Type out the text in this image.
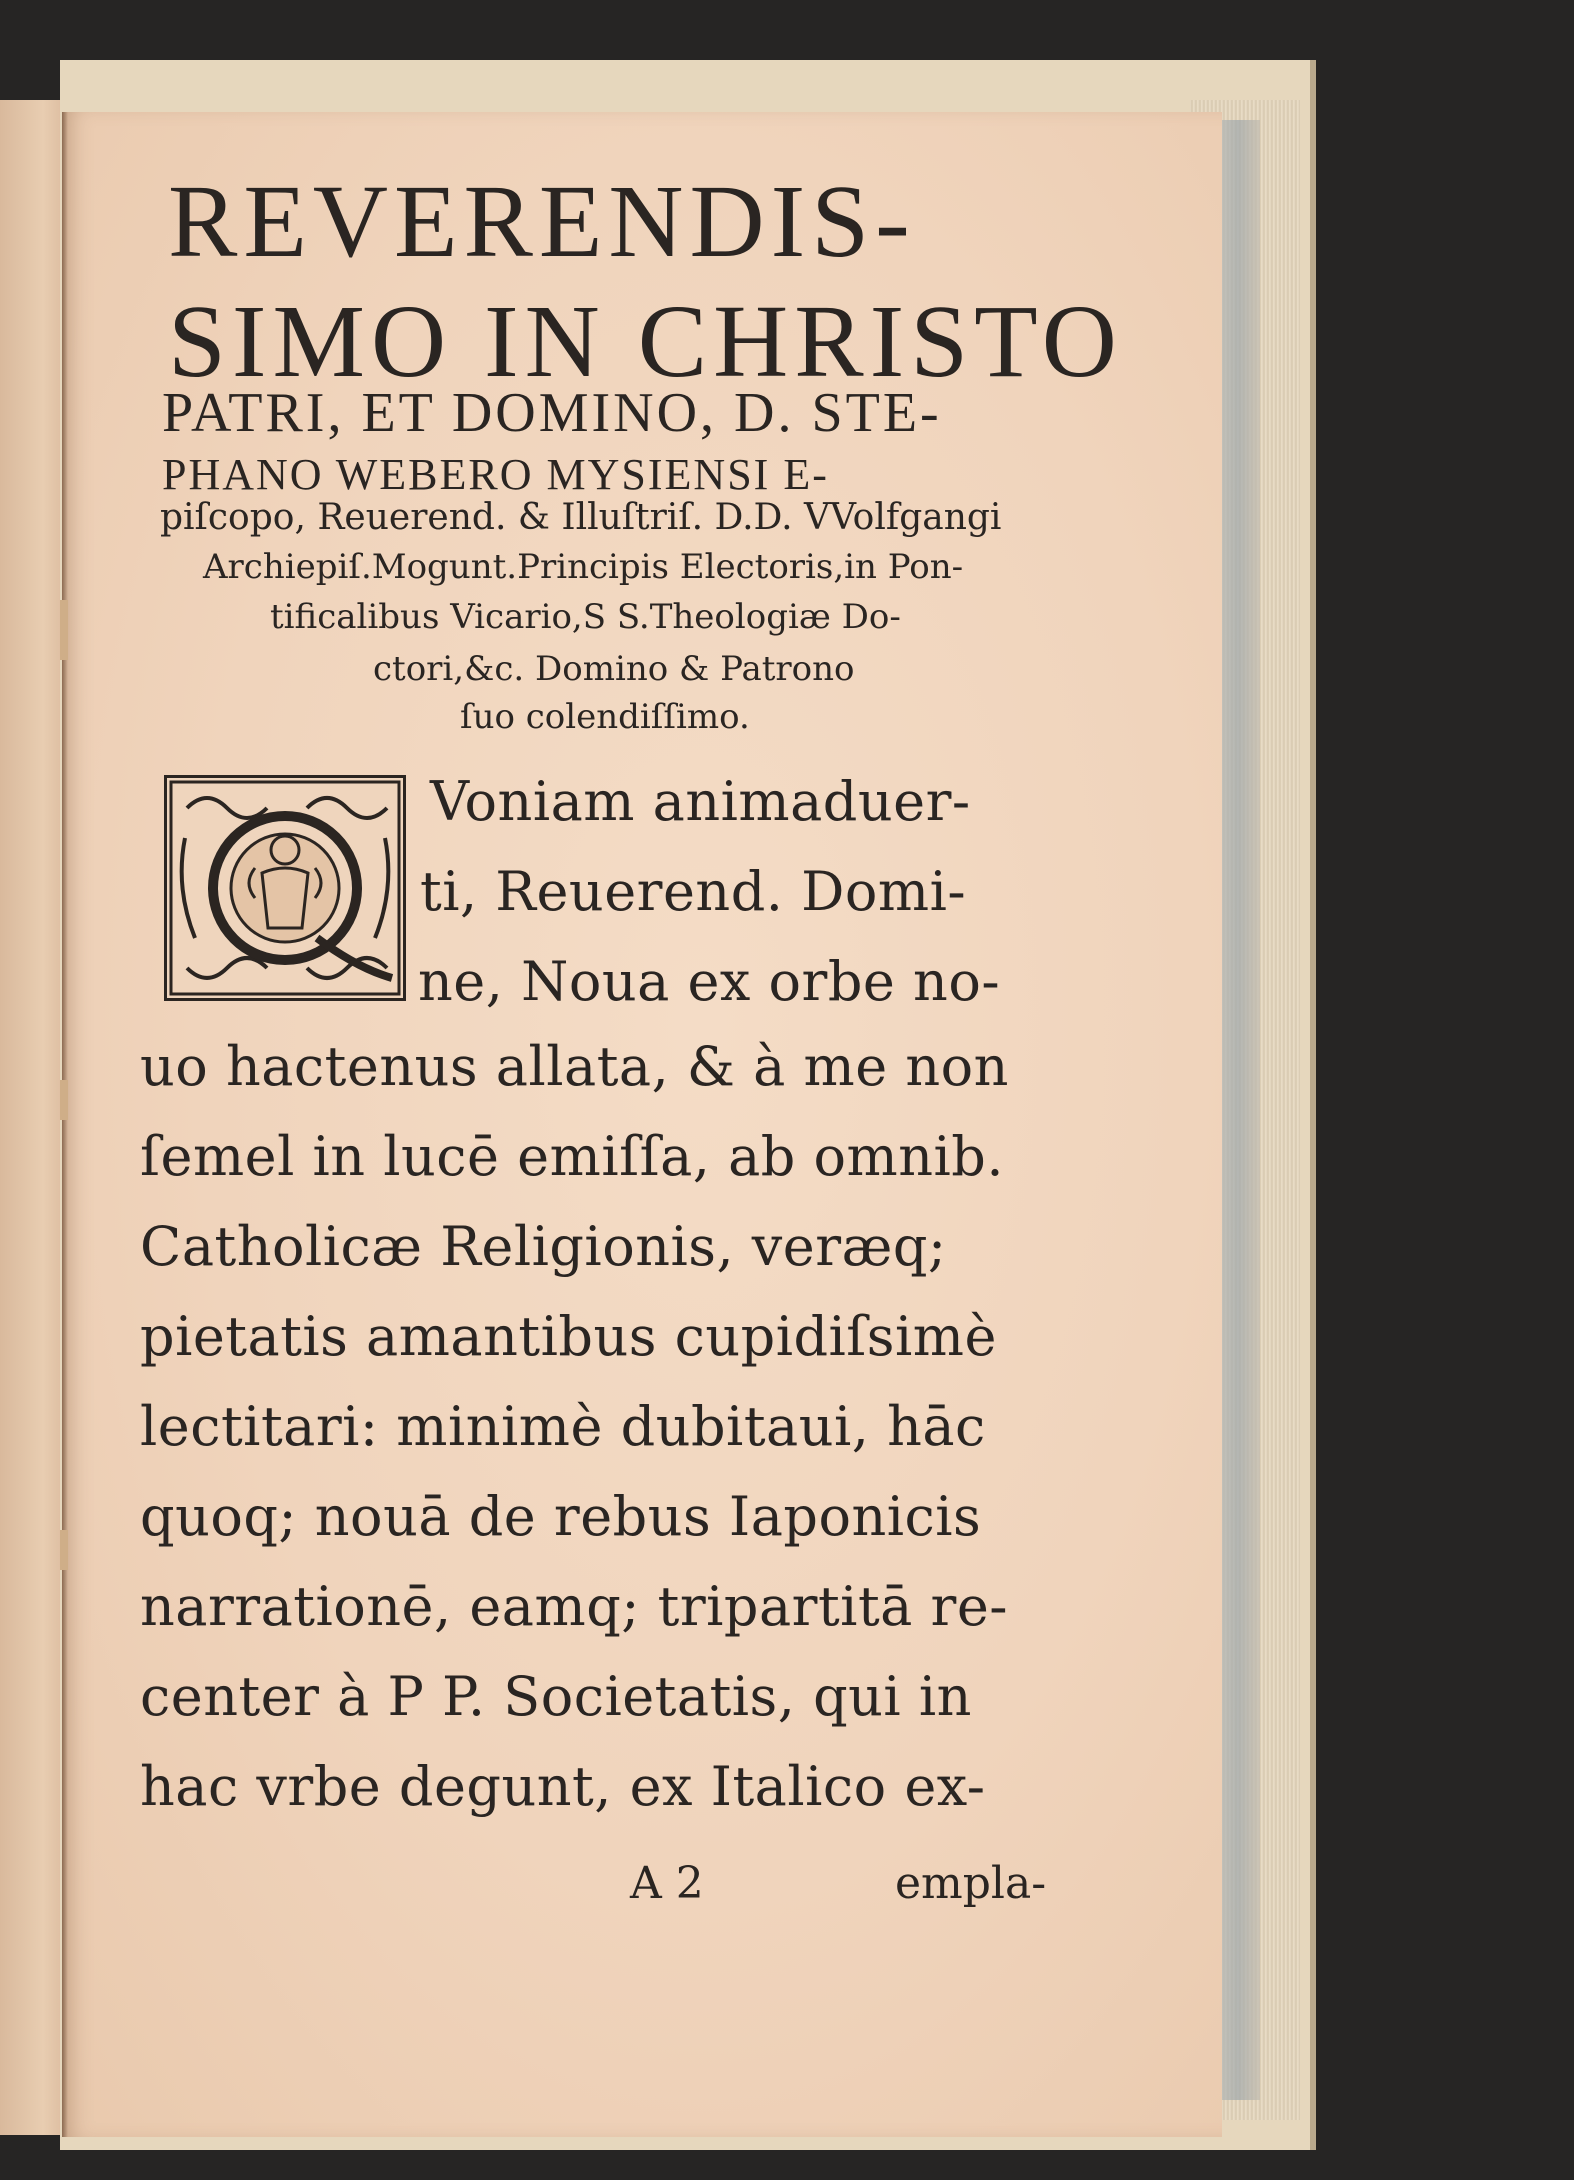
REVERENDIS-
SIMO IN CHRISTO
PATRI, ET DOMINO, D. STE-
PHANO WEBERO MYSIENSI E-
piſcopo, Reuerend. & Illuſtriſ. D.D. VVolfgangi
Archiepiſ.Mogunt.Principis Electoris,in Pon-
tificalibus Vicario,S S.Theologiæ Do-
ctori,&c. Domino & Patrono
ſuo colendiſſimo.
Voniam animaduer-
ti, Reuerend. Domi-
ne, Noua ex orbe no-
uo hactenus allata, & à me non
ſemel in lucē emiſſa, ab omnib.
Catholicæ Religionis, veræq;
pietatis amantibus cupidiſsimè
lectitari: minimè dubitaui, hāc
quoq; nouā de rebus Iaponicis
narrationē, eamq; tripartitā re-
center à P P. Societatis, qui in
hac vrbe degunt, ex Italico ex-
A 2	empla-
